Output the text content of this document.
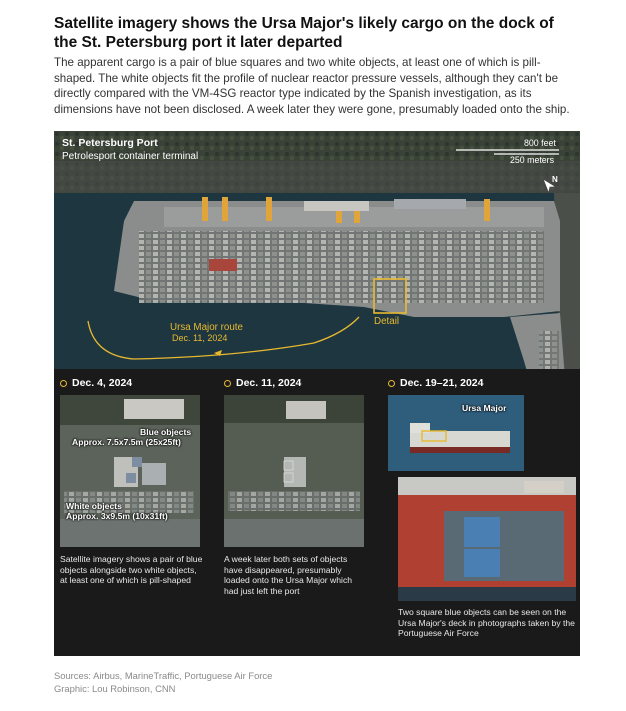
Satellite imagery shows the Ursa Major's likely cargo on the dock of the St. Petersburg port it later departed
The apparent cargo is a pair of blue squares and two white objects, at least one of which is pill-shaped. The white objects fit the profile of nuclear reactor pressure vessels, although they can't be directly compared with the VM-4SG reactor type indicated by the Spanish investigation, as its dimensions have not been disclosed. A week later they were gone, presumably loaded onto the ship.
St. Petersburg Port
Petrolesport container terminal
800 feet
250 meters
N
Detail
Ursa Major route
Dec. 11, 2024
Dec. 4, 2024	Dec. 11, 2024	Dec. 19–21, 2024
Blue objects
Approx. 7.5x7.5m (25x25ft)
White objects
Approx. 3x9.5m (10x31ft)
Ursa Major
Satellite imagery shows a pair of blue objects alongside two white objects, at least one of which is pill-shaped
A week later both sets of objects have disappeared, presumably loaded onto the Ursa Major which had just left the port
Two square blue objects can be seen on the Ursa Major's deck in photographs taken by the Portuguese Air Force
Sources: Airbus, MarineTraffic, Portuguese Air Force
Graphic: Lou Robinson, CNN
